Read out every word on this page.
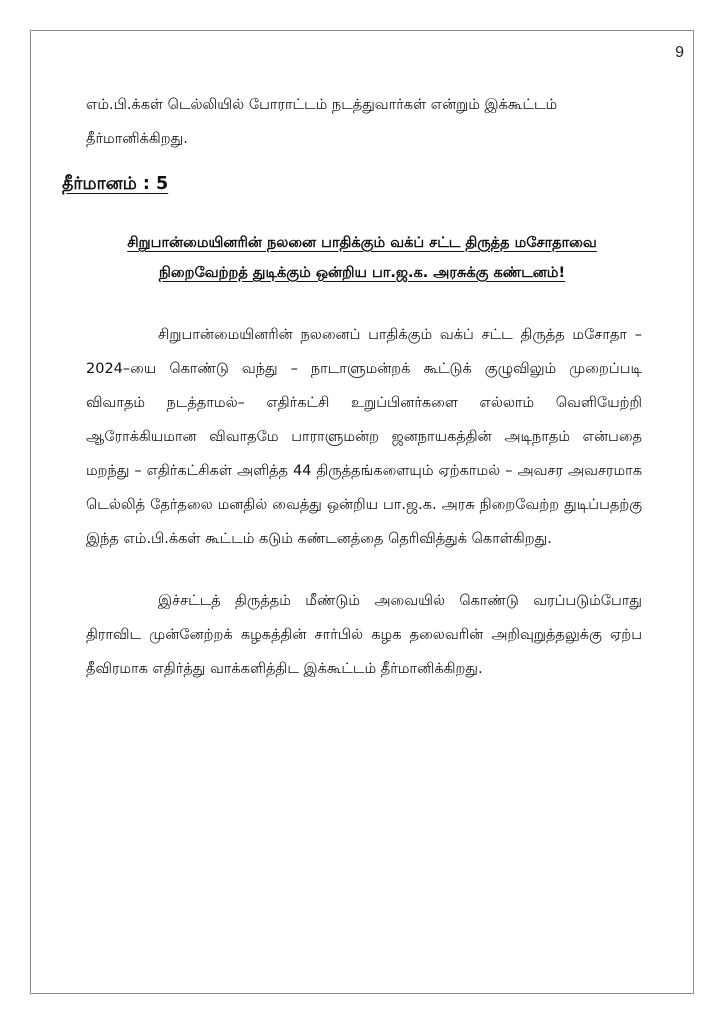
9
எம்.பி.க்கள் டெல்லியில் போராட்டம் நடத்துவார்கள் என்றும் இக்கூட்டம்
தீர்மானிக்கிறது.
தீர்மானம் : 5
சிறுபான்மையினரின் நலனை பாதிக்கும் வக்ப் சட்ட திருத்த மசோதாவை
நிறைவேற்றத் துடிக்கும் ஒன்றிய பா.ஜ.க. அரசுக்கு கண்டனம்!

சிறுபான்மையினரின் நலனைப் பாதிக்கும் வக்ப் சட்ட திருத்த மசோதா – 2024–யை கொண்டு வந்து – நாடாளுமன்றக் கூட்டுக் குழுவிலும் முறைப்படி விவாதம் நடத்தாமல்– எதிர்கட்சி உறுப்பினர்களை எல்லாம் வெளியேற்றி ஆரோக்கியமான விவாதமே பாராளுமன்ற ஜனநாயகத்தின் அடிநாதம் என்பதை மறந்து – எதிர்கட்சிகள் அளித்த 44 திருத்தங்களையும் ஏற்காமல் – அவசர அவசரமாக டெல்லித் தேர்தலை மனதில் வைத்து ஒன்றிய பா.ஜ.க. அரசு நிறைவேற்ற துடிப்பதற்கு இந்த எம்.பி.க்கள் கூட்டம் கடும் கண்டனத்தை தெரிவித்துக் கொள்கிறது.

இச்சட்டத் திருத்தம் மீண்டும் அவையில் கொண்டு வரப்படும்போது திராவிட முன்னேற்றக் கழகத்தின் சார்பில் கழக தலைவரின் அறிவுறுத்தலுக்கு ஏற்ப தீவிரமாக எதிர்த்து வாக்களித்திட இக்கூட்டம் தீர்மானிக்கிறது.
